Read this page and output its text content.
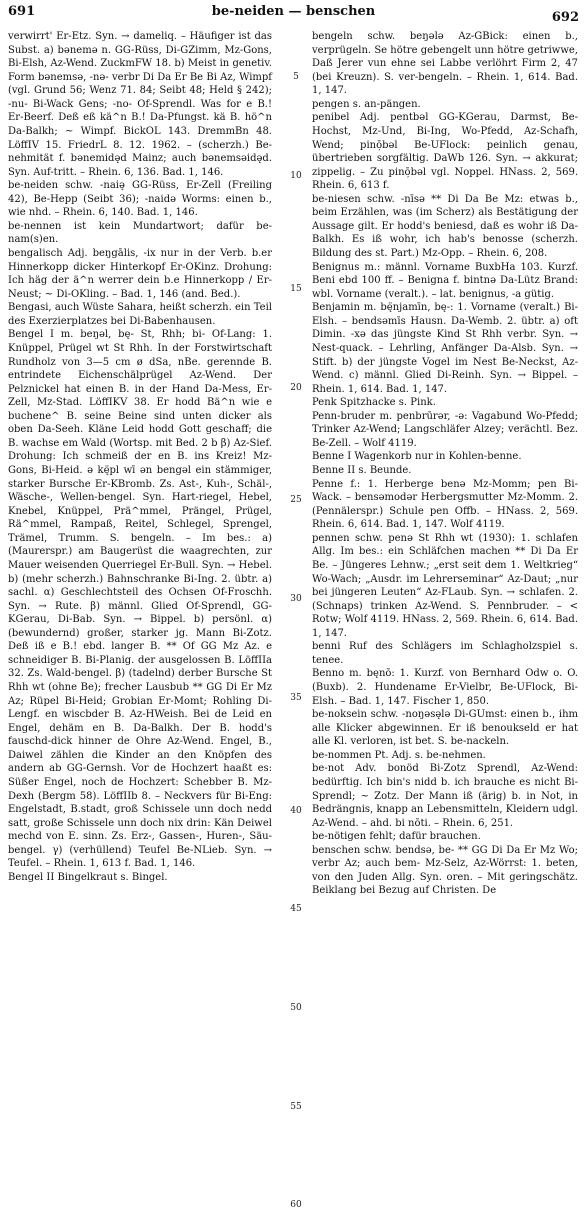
691	be-neiden — benschen	692

verwirrt' Er-Etz. Syn. → dameliq. – Häufiger ist das Subst. a) bənemə n. GG-Rüss, Di-GZimm, Mz-Gons, Bi-Elsh, Az-Wend. ZuckmFW 18. b) Meist in genetiv. Form bənemsə, -nə- verbr Di Da Er Be Bi Az, Wimpf (vgl. Grund 56; Wenz 71. 84; Seibt 48; Held § 242); -nu- Bi-Wack Gens; -no- Of-Sprendl. Was for e B.! Er-Beerf. Deß eß kä^n B.! Da-Pfungst. kä B. hö^n Da-Balkh; ~ Wimpf. BickOL 143. DremmBn 48. LöffIV 15. FriedrL 8. 12. 1962. – (scherzh.) Be-nehmität f. bənemidə̨d Mainz; auch bənemsəidə̨d. Syn. Auf-tritt. – Rhein. 6, 136. Bad. 1, 146.

be-neiden schw. -naiə̨ GG-Rüss, Er-Zell (Freiling 42), Be-Hepp (Seibt 36); -naidə Worms: einen b., wie nhd. – Rhein. 6, 140. Bad. 1, 146.

be-nennen ist kein Mundartwort; dafür be-nam(s)en.

bengalisch Adj. beŋgālis, -ix nur in der Verb. b.er Hinnerkopp dicker Hinterkopf Er-OKinz. Drohung: Ich häg der ä^n werrer dein b.e Hinnerkopp / Er-Neust; ~ Di-OKling. – Bad. 1, 146 (and. Bed.).

Bengasi, auch Wüste Sahara, heißt scherzh. ein Teil des Exerzierplatzes bei Di-Babenhausen.

Bengel I m. beŋəl, bę- St, Rhh; bi- Of-Lang: 1. Knüppel, Prügel wt St Rhh. In der Forstwirtschaft Rundholz von 3—5 cm ø dSa, nBe. gerennde B. entrindete Eichenschälprügel Az-Wend. Der Pelznickel hat einen B. in der Hand Da-Mess, Er-Zell, Mz-Stad. LöffIKV 38. Er hodd Bä^n wie e buchene^ B. seine Beine sind unten dicker als oben Da-Seeh. Kläne Leid hodd Gott geschaff; die B. wachse em Wald (Wortsp. mit Bed. 2 b β) Az-Sief. Drohung: Ich schmeiß der en B. ins Kreiz! Mz-Gons, Bi-Heid. ə kę̈pl wī ən bengəl ein stämmiger, starker Bursche Er-KBromb. Zs. Ast-, Kuh-, Schäl-, Wäsche-, Wellen-bengel. Syn. Hart-riegel, Hebel, Knebel, Knüppel, Prä^mmel, Prängel, Prügel, Rä^mmel, Rampaß, Reitel, Schlegel, Sprengel, Trämel, Trumm. S. bengeln. – Im bes.: a) (Maurerspr.) am Baugerüst die waagrechten, zur Mauer weisenden Querriegel Er-Bull. Syn. → Hebel. b) (mehr scherzh.) Bahnschranke Bi-Ing. 2. übtr. a) sachl. α) Geschlechtsteil des Ochsen Of-Froschh. Syn. → Rute. β) männl. Glied Of-Sprendl, GG-KGerau, Di-Bab. Syn. → Bippel. b) persönl. α) (bewundernd) großer, starker jg. Mann Bi-Zotz. Deß iß e B.! ebd. langer B. ** Of GG Mz Az. e schneidiger B. Bi-Planig. der ausgelossen B. LöffIIa 32. Zs. Wald-bengel. β) (tadelnd) derber Bursche St Rhh wt (ohne Be); frecher Lausbub ** GG Di Er Mz Az; Rüpel Bi-Heid; Grobian Er-Momt; Rohling Di-Lengf. en wiscbder B. Az-HWeish. Bei de Leid en Engel, dehäm en B. Da-Balkh. Der B. hodd's fauschd-dick hinner de Ohre Az-Wend. Engel, B., Daiwel zählen die Kinder an den Knöpfen des andern ab GG-Gernsh. Vor de Hochzert haaßt es: Süßer Engel, noch de Hochzert: Schebber B. Mz-Dexh (Bergm 58). LöffIIb 8. – Neckvers für Bi-Eng: Engelstadt, B.stadt, groß Schissele unn doch nedd satt, große Schissele unn doch nix drin: Kän Deiwel mechd von E. sinn. Zs. Erz-, Gassen-, Huren-, Säu-bengel. γ) (verhüllend) Teufel Be-NLieb. Syn. → Teufel. – Rhein. 1, 613 f. Bad. 1, 146.

Bengel II Bingelkraut s. Bingel.

5
10
15
20
25
30
35
40
45
50
55
60

bengeln schw. beŋələ Az-GBick: einen b., verprügeln. Se hötre gebengelt unn hötre getriwwe, Daß Jerer vun ehne sei Labbe verlöhrt Firm 2, 47 (bei Kreuzn). S. ver-bengeln. – Rhein. 1, 614. Bad. 1, 147.

pengen s. an-pängen.

penibel Adj. pentbəl GG-KGerau, Darmst, Be-Hochst, Mz-Und, Bi-Ing, Wo-Pfedd, Az-Schafh, Wend; pinō̦bəl Be-UFlock: peinlich genau, übertrieben sorgfältig. DaWb 126. Syn. → akkurat; zippelig. – Zu pinō̦bəl vgl. Noppel. HNass. 2, 569. Rhein. 6, 613 f.

be-niesen schw. -nīsə ** Di Da Be Mz: etwas b., beim Erzählen, was (im Scherz) als Bestätigung der Aussage gilt. Er hodd's beniesd, daß es wohr iß Da-Balkh. Es iß wohr, ich hab's benosse (scherzh. Bildung des st. Part.) Mz-Opp. – Rhein. 6, 208.

Benignus m.: männl. Vorname BuxbHa 103. Kurzf. Beni ebd 100 ff. – Benigna f. bintnə Da-Lütz Brand: wbl. Vorname (veralt.). – lat. benignus, -a gütig.

Benjamin m. bę̈njamīn, bę-: 1. Vorname (veralt.) Bi-Elsh. – bendsəmīs Hausn. Da-Wemb. 2. übtr. a) oft Dimin. -xə das jüngste Kind St Rhh verbr. Syn. → Nest-quack. – Lehrling, Anfänger Da-Alsb. Syn. → Stift. b) der jüngste Vogel im Nest Be-Neckst, Az-Wend. c) männl. Glied Di-Reinh. Syn. → Bippel. – Rhein. 1, 614. Bad. 1, 147.

Penk Spitzhacke s. Pink.

Penn-bruder m. penbrūrər, -ə: Vagabund Wo-Pfedd; Trinker Az-Wend; Langschläfer Alzey; verächtl. Bez. Be-Zell. – Wolf 4119.

Benne I Wagenkorb nur in Kohlen-benne.

Benne II s. Beunde.

Penne f.: 1. Herberge benə Mz-Momm; pen Bi-Wack. – bensəmodər Herbergsmutter Mz-Momm. 2. (Pennälerspr.) Schule pen Offb. – HNass. 2, 569. Rhein. 6, 614. Bad. 1, 147. Wolf 4119.

pennen schw. penə St Rhh wt (1930): 1. schlafen Allg. Im bes.: ein Schläfchen machen ** Di Da Er Be. – Jüngeres Lehnw.; „erst seit dem 1. Weltkrieg“ Wo-Wach; „Ausdr. im Lehrerseminar“ Az-Daut; „nur bei jüngeren Leuten“ Az-FLaub. Syn. → schlafen. 2. (Schnaps) trinken Az-Wend. S. Pennbruder. – < Rotw; Wolf 4119. HNass. 2, 569. Rhein. 6, 614. Bad. 1, 147.

benni Ruf des Schlägers im Schlagholzspiel s. tenee.

Benno m. bęnō: 1. Kurzf. von Bernhard Odw o. O. (Buxb). 2. Hundename Er-Vielbr, Be-UFlock, Bi-Elsh. – Bad. 1, 147. Fischer 1, 850.

be-noksein schw. -noŋəsə̨lə Di-GUmst: einen b., ihm alle Klicker abgewinnen. Er iß benoukseld er hat alle Kl. verloren, ist bet. S. be-nackeln.

be-nommen Pt. Adj. s. be-nehmen.

be-not Adv. bonöd Bi-Zotz Sprendl, Az-Wend: bedürftig. Ich bin's nidd b. ich brauche es nicht Bi-Sprendl; ~ Zotz. Der Mann iß (ärig) b. in Not, in Bedrängnis, knapp an Lebensmitteln, Kleidern udgl. Az-Wend. – ahd. bi nōti. – Rhein. 6, 251.

be-nötigen fehlt; dafür brauchen.

benschen schw. bendsə, be- ** GG Di Da Er Mz Wo; verbr Az; auch bem- Mz-Selz, Az-Wörrst: 1. beten, von den Juden Allg. Syn. oren. – Mit geringschätz. Beiklang bei Bezug auf Christen. De
